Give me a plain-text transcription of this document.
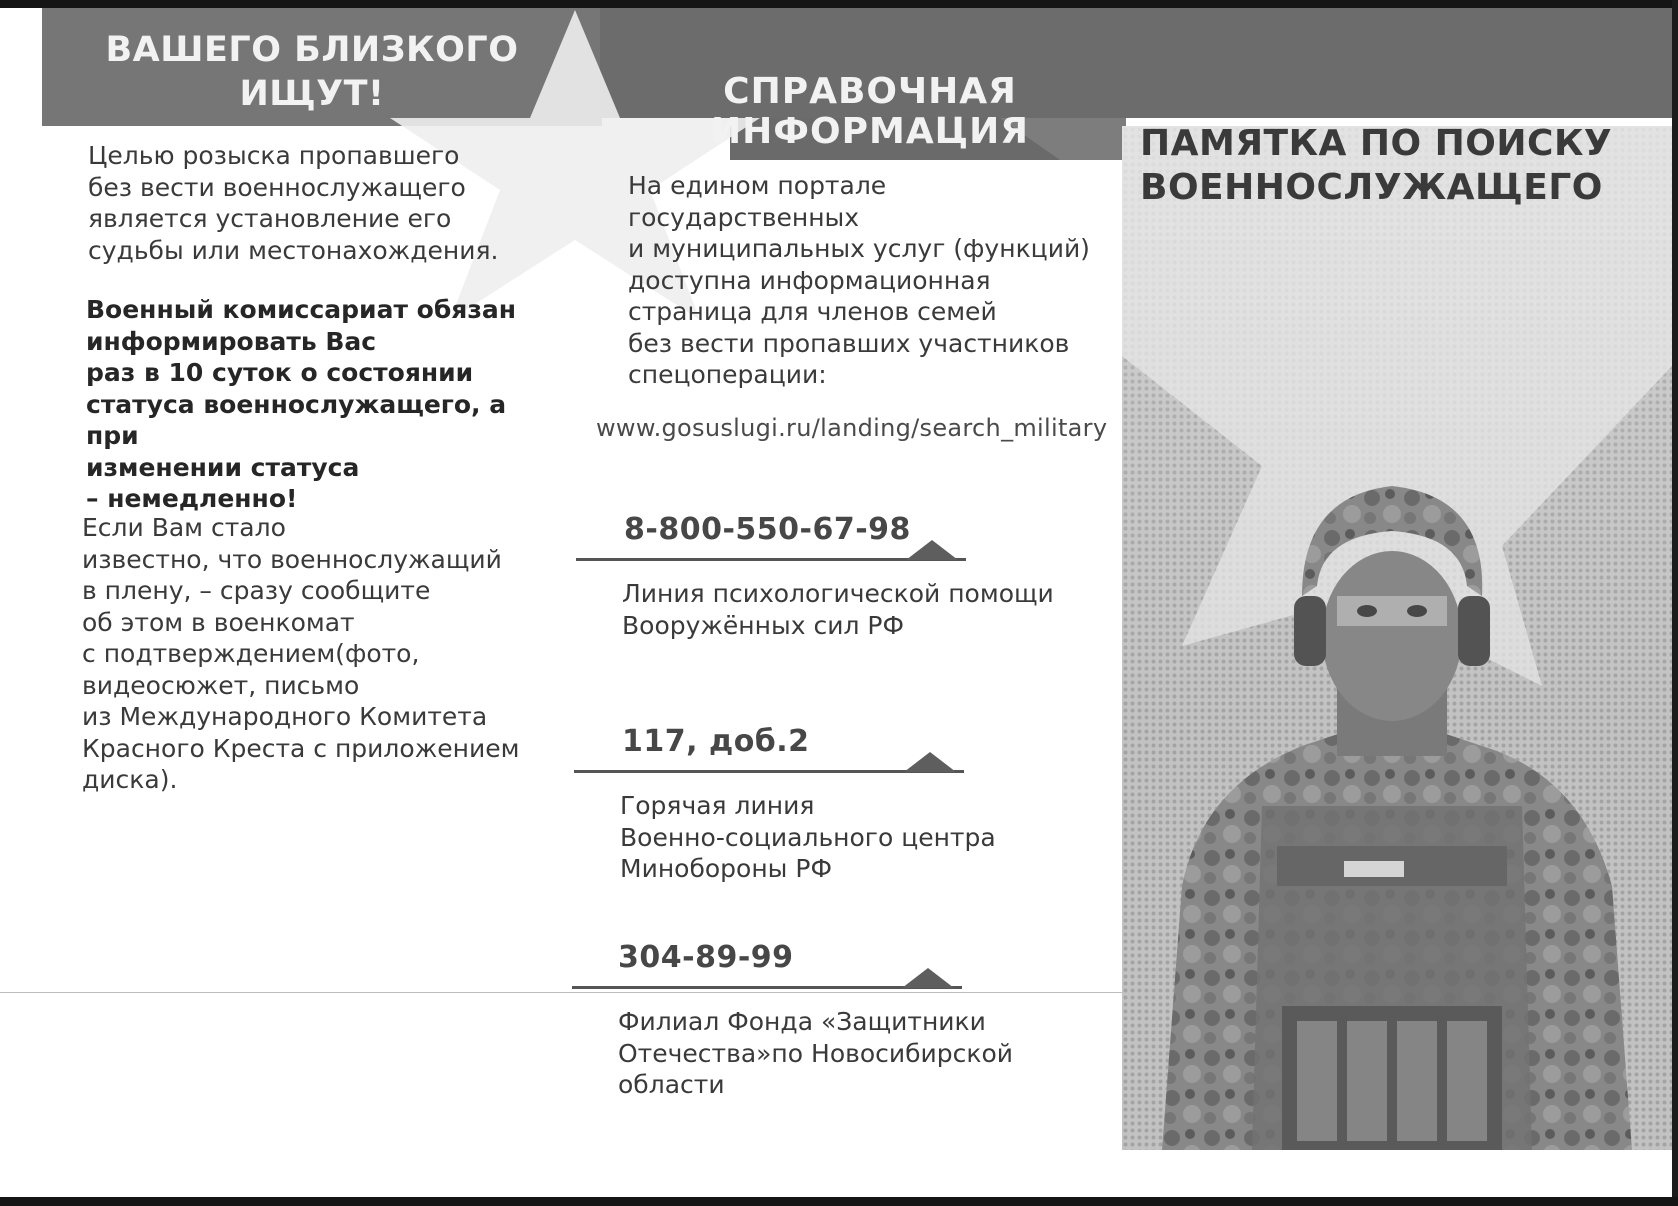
ВАШЕГО БЛИЗКОГО
ИЩУТ!

Целью розыска пропавшего
без вести военнослужащего
является установление его
судьбы или местонахождения.

Военный комиссариат обязан
информировать Вас
раз в 10 суток о состоянии
статуса военнослужащего, а при
изменении статуса
– немедленно!

Если Вам стало
известно, что военнослужащий
в плену, – сразу сообщите
об этом в военкомат
с подтверждением(фото,
видеосюжет, письмо
из Международного Комитета
Красного Креста с приложением
диска).

СПРАВОЧНАЯ
ИНФОРМАЦИЯ

На едином портале
государственных
и муниципальных услуг (функций)
доступна информационная
страница для членов семей
без вести пропавших участников
спецоперации:

www.gosuslugi.ru/landing/search_military
8-800-550-67-98

Линия психологической помощи
Вооружённых сил РФ

117, доб.2

Горячая линия
Военно-социального центра
Минобороны РФ

304-89-99

Филиал Фонда «Защитники
Отечества»по Новосибирской
области

ПАМЯТКА ПО ПОИСКУ
ВОЕННОСЛУЖАЩЕГО
